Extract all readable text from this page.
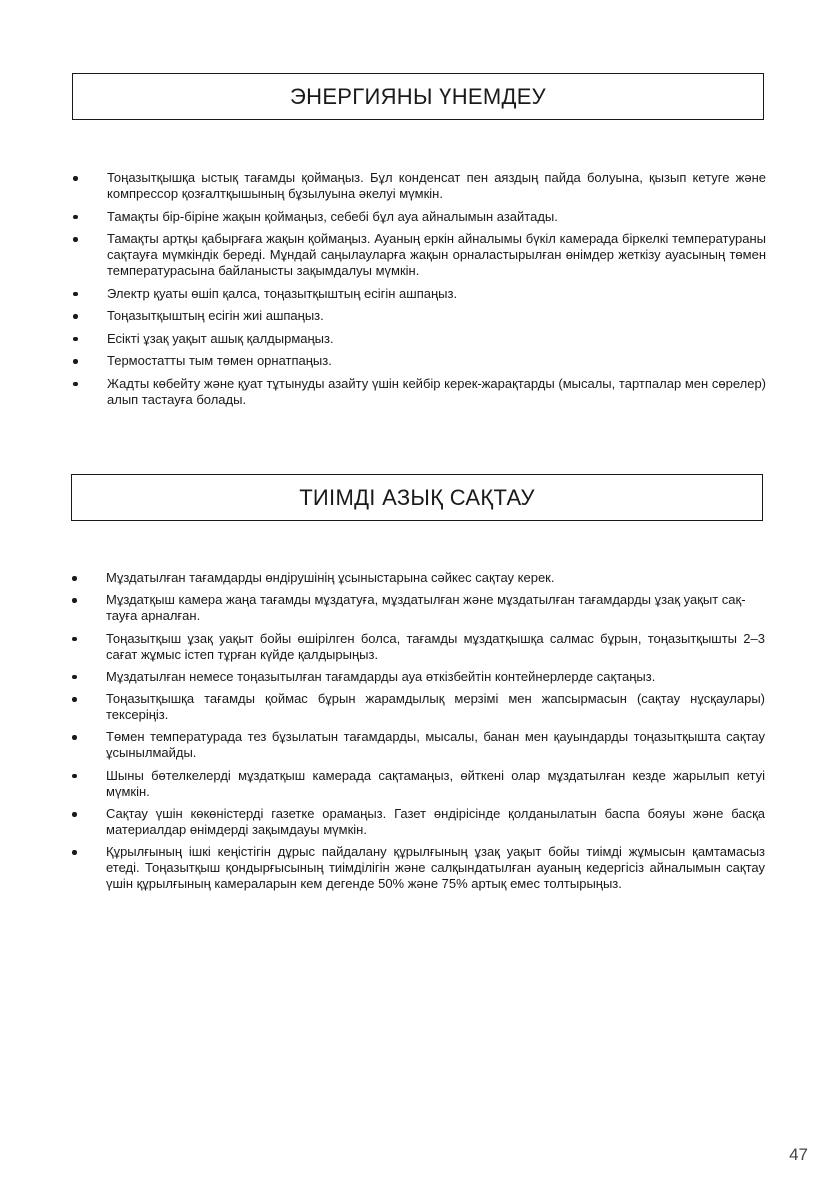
ЭНЕРГИЯНЫ ҮНЕМДЕУ
Тоңазытқышқа ыстық тағамды қоймаңыз. Бұл конденсат пен аяздың пайда болуына, қызып кетуге және компрессор қозғалтқышының бұзылуына әкелуі мүмкін.
Тамақты бір-біріне жақын қоймаңыз, себебі бұл ауа айналымын азайтады.
Тамақты артқы қабырғаға жақын қоймаңыз. Ауаның еркін айналымы бүкіл камерада біркелкі температураны сақтауға мүмкіндік береді. Мұндай саңылауларға жақын орналастырылған өнімдер жеткізу ауасының төмен температурасына байланысты зақымдалуы мүмкін.
Электр қуаты өшіп қалса, тоңазытқыштың есігін ашпаңыз.
Тоңазытқыштың есігін жиі ашпаңыз.
Есікті ұзақ уақыт ашық қалдырмаңыз.
Термостатты тым төмен орнатпаңыз.
Жадты көбейту және қуат тұтынуды азайту үшін кейбір керек-жарақтарды (мысалы, тартпалар мен сөрелер) алып тастауға болады.
ТИІМДІ АЗЫҚ САҚТАУ
Мұздатылған тағамдарды өндірушінің ұсыныстарына сәйкес сақтау керек.
Мұздатқыш камера жаңа тағамды мұздатуға, мұздатылған және мұздатылған тағамдарды ұзақ уақыт сақ-
тауға арналған.
Тоңазытқыш ұзақ уақыт бойы өшірілген болса, тағамды мұздатқышқа салмас бұрын, тоңазытқышты 2–3 сағат жұмыс істеп тұрған күйде қалдырыңыз.
Мұздатылған немесе тоңазытылған тағамдарды ауа өткізбейтін контейнерлерде сақтаңыз.
Тоңазытқышқа тағамды қоймас бұрын жарамдылық мерзімі мен жапсырмасын (сақтау нұсқаулары) тексеріңіз.
Төмен температурада тез бұзылатын тағамдарды, мысалы, банан мен қауындарды тоңазытқышта сақтау ұсынылмайды.
Шыны бөтелкелерді мұздатқыш камерада сақтамаңыз, өйткені олар мұздатылған кезде жарылып кетуі мүмкін.
Сақтау үшін көкөністерді газетке орамаңыз. Газет өндірісінде қолданылатын баспа бояуы және басқа материалдар өнімдерді зақымдауы мүмкін.
Құрылғының ішкі кеңістігін дұрыс пайдалану құрылғының ұзақ уақыт бойы тиімді жұмысын қамтамасыз етеді. Тоңазытқыш қондырғысының тиімділігін және салқындатылған ауаның кедергісіз айналымын сақтау үшін құрылғының камераларын кем дегенде 50% және 75% артық емес толтырыңыз.
47
